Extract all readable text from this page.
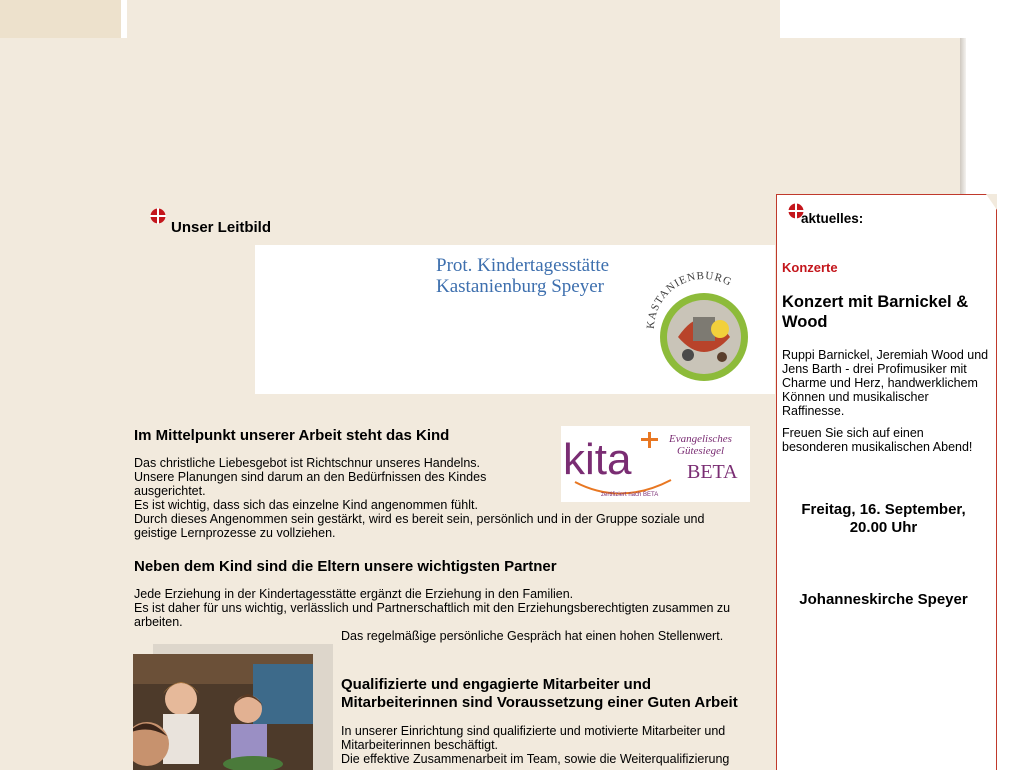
Unser Leitbild
Prot. Kindertagesstätte
Kastanienburg Speyer
KASTANIENBURG
kita	Evangelisches
Gütesiegel
BETA
zertifiziert nach BETA
Im Mittelpunkt unserer Arbeit steht das Kind
Das christliche Liebesgebot ist Richtschnur unseres Handelns.
Unsere Planungen sind darum an den Bedürfnissen des Kindes
ausgerichtet.
Es ist wichtig, dass sich das einzelne Kind angenommen fühlt.
Durch dieses Angenommen sein gestärkt, wird es bereit sein, persönlich und in der Gruppe soziale und
geistige Lernprozesse zu vollziehen.
Neben dem Kind sind die Eltern unsere wichtigsten Partner
Jede Erziehung in der Kindertagesstätte ergänzt die Erziehung in den Familien.
Es ist daher für uns wichtig, verlässlich und Partnerschaftlich mit den Erziehungsberechtigten zusammen zu
arbeiten.
Das regelmäßige persönliche Gespräch hat einen hohen Stellenwert.
Qualifizierte und engagierte Mitarbeiter und
Mitarbeiterinnen sind Voraussetzung einer Guten Arbeit
In unserer Einrichtung sind qualifizierte und motivierte Mitarbeiter und
Mitarbeiterinnen beschäftigt.
Die effektive Zusammenarbeit im Team, sowie die Weiterqualifizierung
aktuelles:
Konzerte
Konzert mit Barnickel & Wood
Ruppi Barnickel, Jeremiah Wood und Jens Barth - drei Profimusiker mit Charme und Herz, handwerklichem Können und musikalischer Raffinesse.
Freuen Sie sich auf einen besonderen musikalischen Abend!
Freitag, 16. September,
20.00 Uhr
Johanneskirche Speyer
